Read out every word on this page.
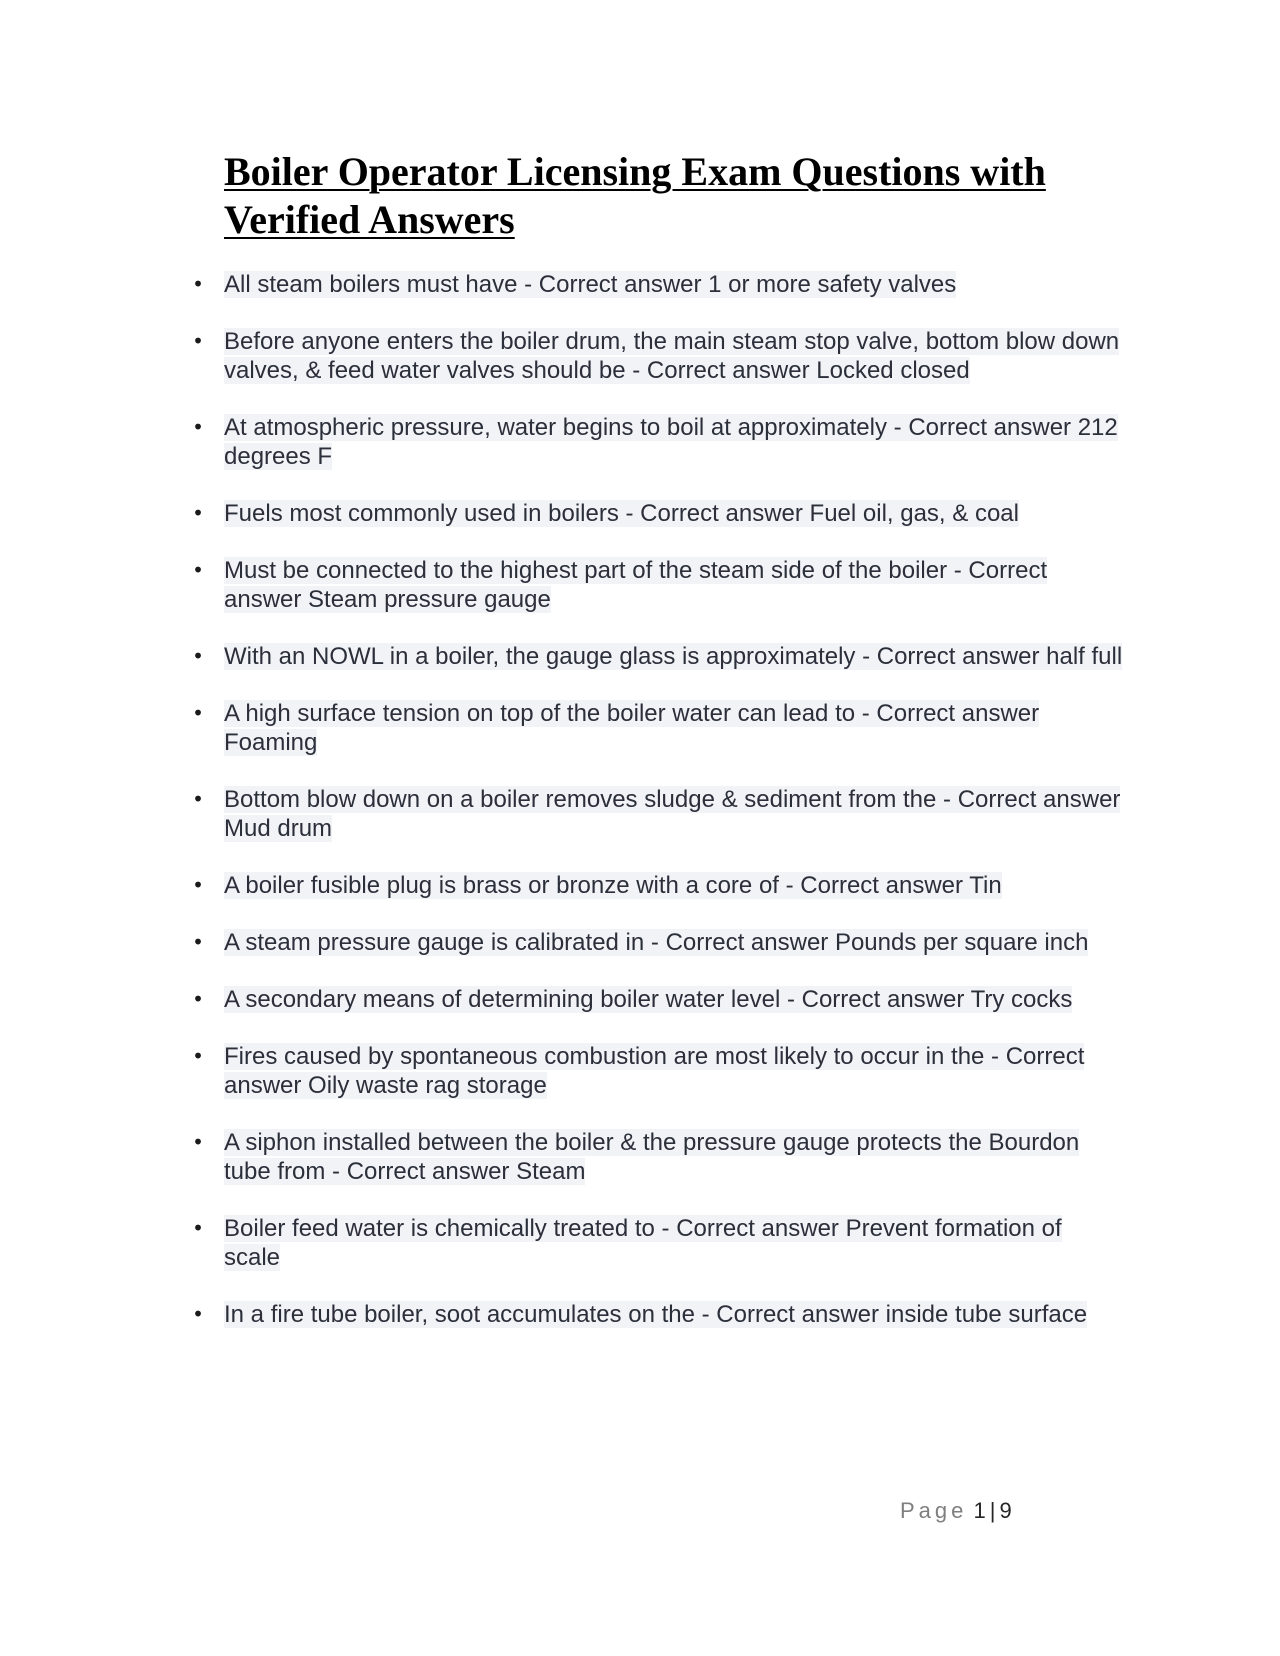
Boiler Operator Licensing Exam Questions with Verified Answers
• All steam boilers must have - Correct answer 1 or more safety valves
• Before anyone enters the boiler drum, the main steam stop valve, bottom blow down valves, & feed water valves should be - Correct answer Locked closed
• At atmospheric pressure, water begins to boil at approximately - Correct answer 212 degrees F
• Fuels most commonly used in boilers - Correct answer Fuel oil, gas, & coal
• Must be connected to the highest part of the steam side of the boiler - Correct answer Steam pressure gauge
• With an NOWL in a boiler, the gauge glass is approximately - Correct answer half full
• A high surface tension on top of the boiler water can lead to - Correct answer Foaming
• Bottom blow down on a boiler removes sludge & sediment from the - Correct answer Mud drum
• A boiler fusible plug is brass or bronze with a core of - Correct answer Tin
• A steam pressure gauge is calibrated in - Correct answer Pounds per square inch
• A secondary means of determining boiler water level - Correct answer Try cocks
• Fires caused by spontaneous combustion are most likely to occur in the - Correct answer Oily waste rag storage
• A siphon installed between the boiler & the pressure gauge protects the Bourdon tube from - Correct answer Steam
• Boiler feed water is chemically treated to - Correct answer Prevent formation of scale
• In a fire tube boiler, soot accumulates on the - Correct answer inside tube surface
Page 1 | 9
